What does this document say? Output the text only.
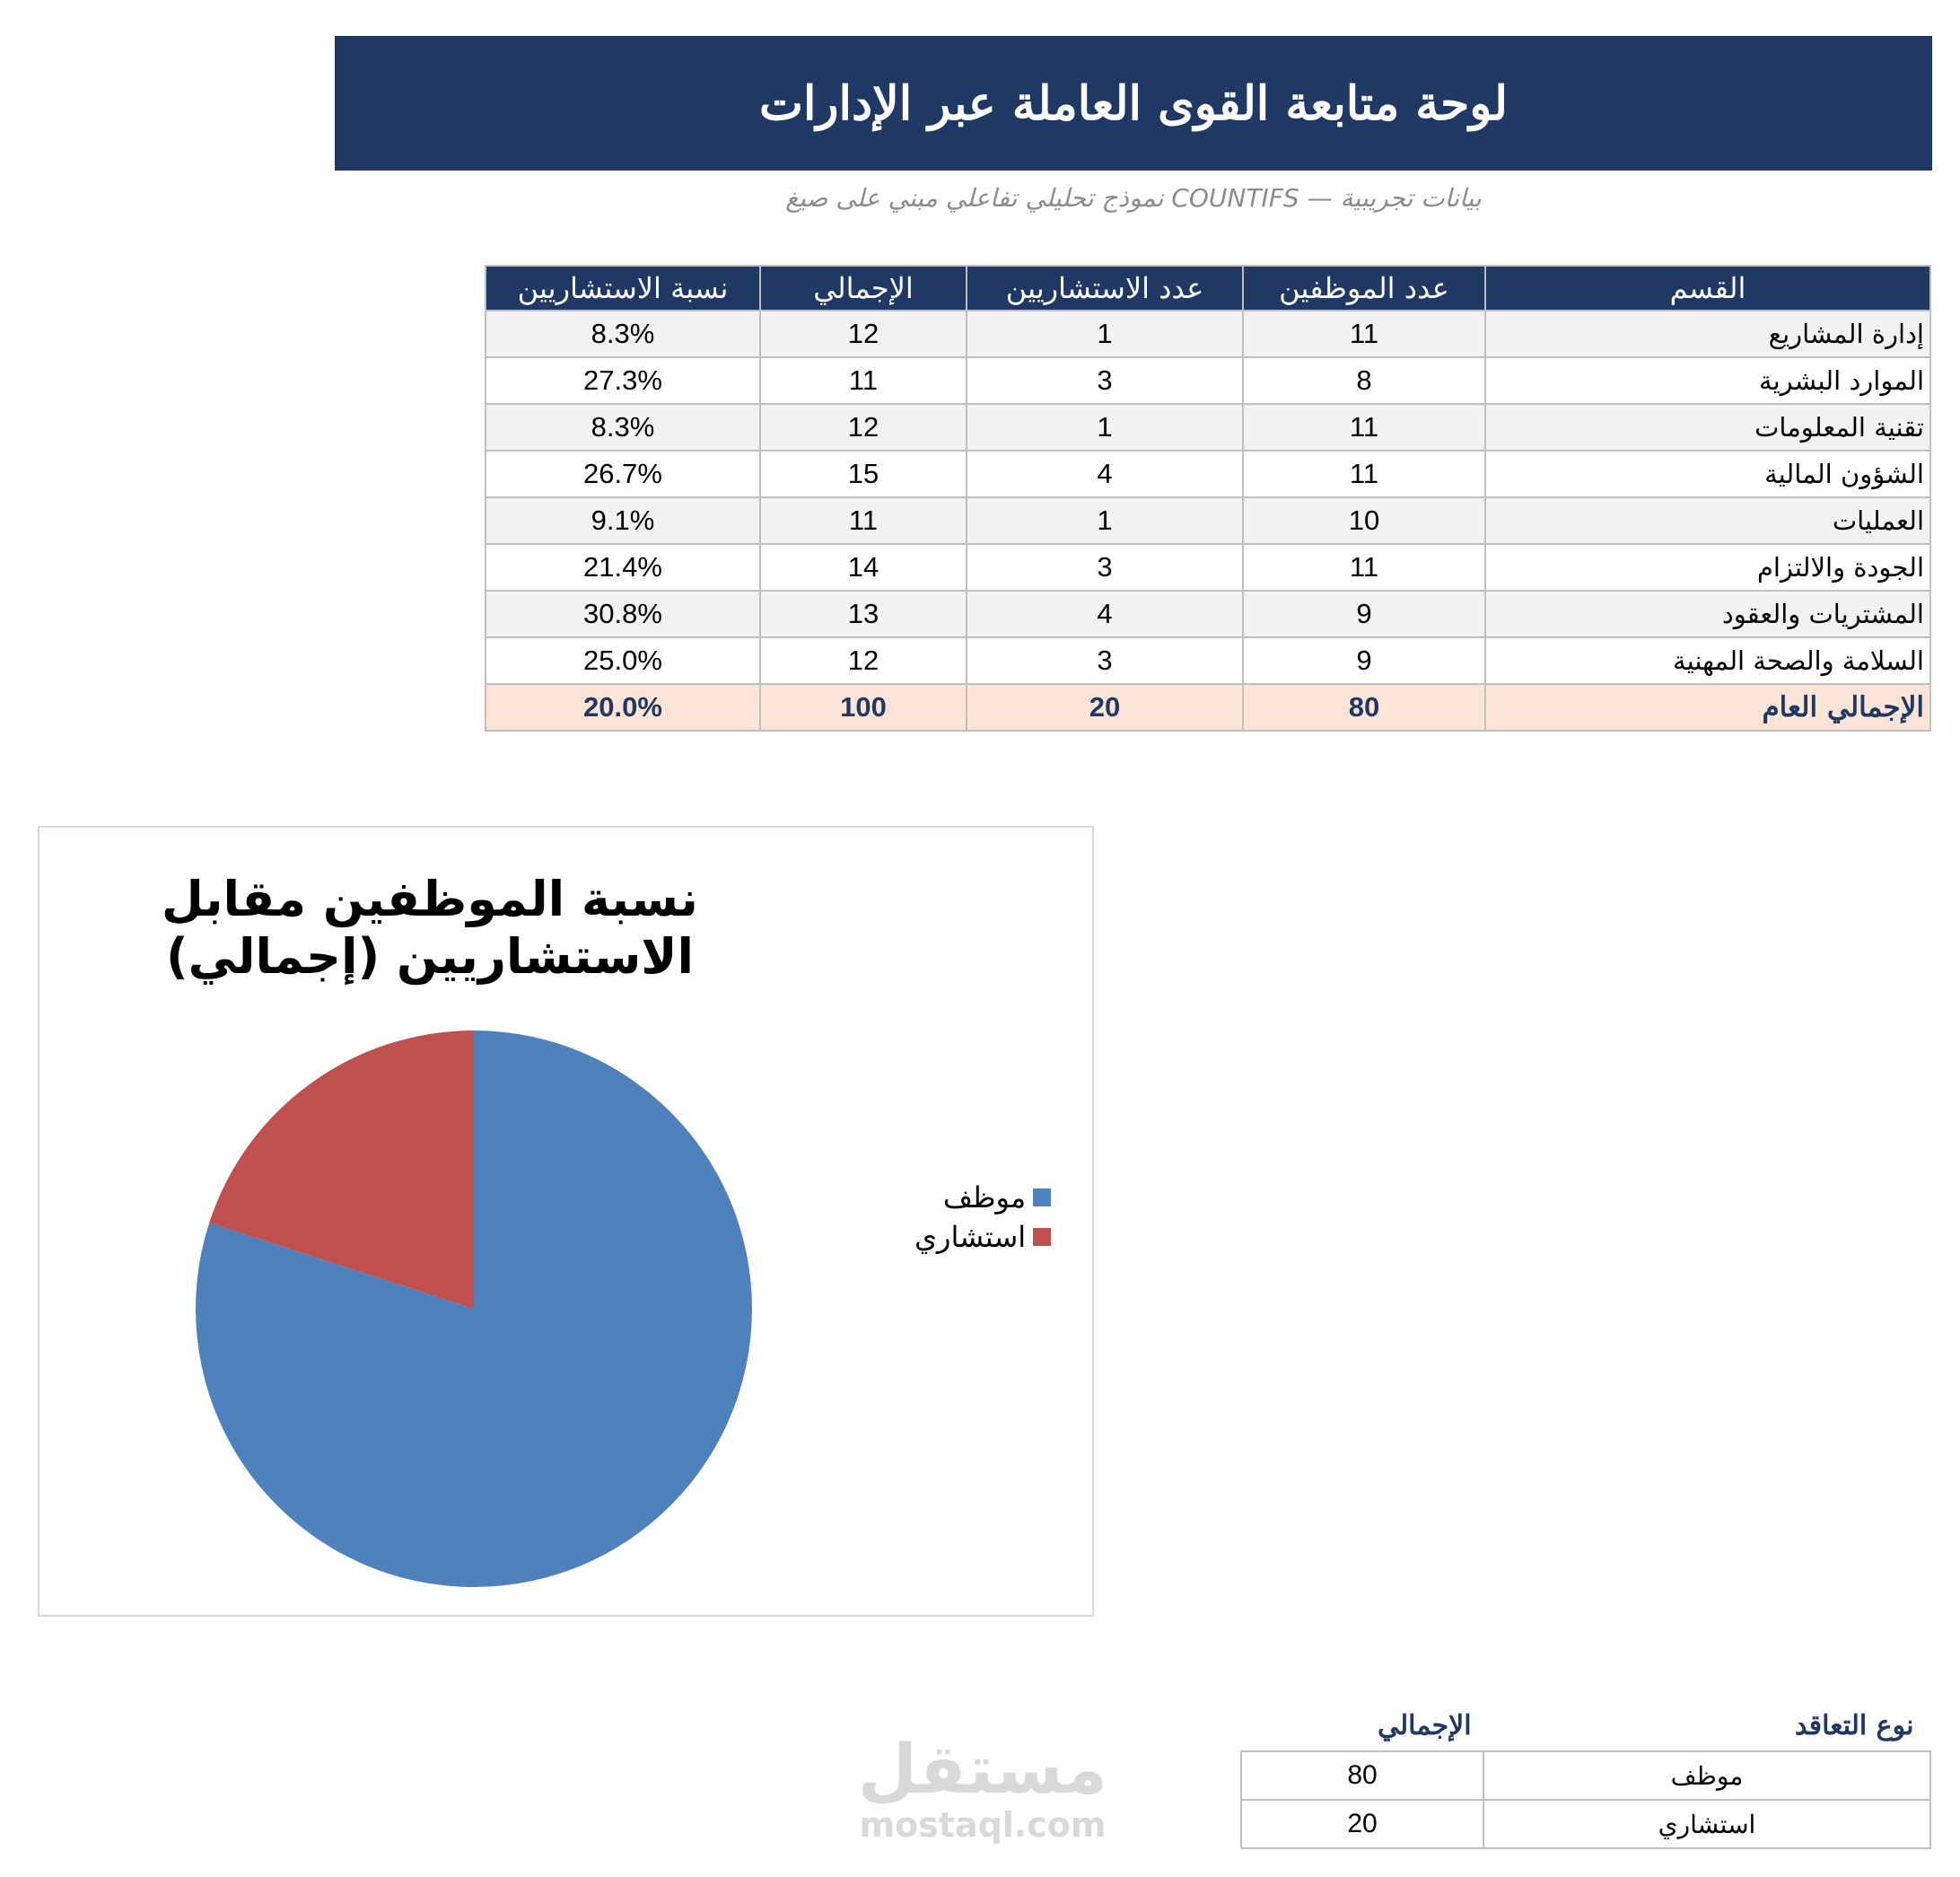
لوحة متابعة القوى العاملة عبر الإدارات
بيانات تجريبية — COUNTIFS نموذج تحليلي تفاعلي مبني على صيغ
القسم	عدد الموظفين	عدد الاستشاريين	الإجمالي	نسبة الاستشاريين
إدارة المشاريع	11	1	12	8.3%
الموارد البشرية	8	3	11	27.3%
تقنية المعلومات	11	1	12	8.3%
الشؤون المالية	11	4	15	26.7%
العمليات	10	1	11	9.1%
الجودة والالتزام	11	3	14	21.4%
المشتريات والعقود	9	4	13	30.8%
السلامة والصحة المهنية	9	3	12	25.0%
الإجمالي العام	80	20	100	20.0%
نسبة الموظفين مقابل
الاستشاريين (إجمالي)
موظف
استشاري
مستقل
mostaql.com
نوع التعاقد
الإجمالي
موظف	80
استشاري	20
